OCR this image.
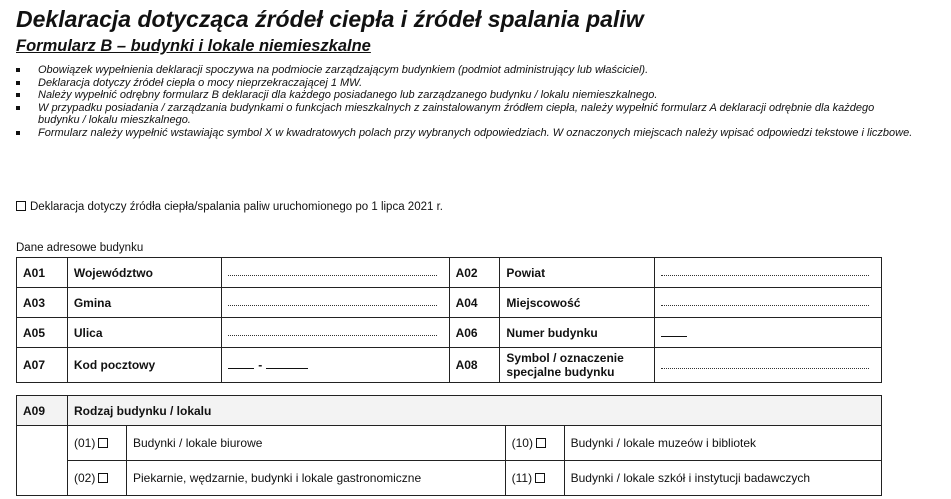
Deklaracja dotycząca źródeł ciepła i źródeł spalania paliw
Formularz B – budynki i lokale niemieszkalne
Obowiązek wypełnienia deklaracji spoczywa na podmiocie zarządzającym budynkiem (podmiot administrujący lub właściciel).
Deklaracja dotyczy źródeł ciepła o mocy nieprzekraczającej 1 MW.
Należy wypełnić odrębny formularz B deklaracji dla każdego posiadanego lub zarządzanego budynku / lokalu niemieszkalnego.
W przypadku posiadania / zarządzania budynkami o funkcjach mieszkalnych z zainstalowanym źródłem ciepła, należy wypełnić formularz A deklaracji odrębnie dla każdego budynku / lokalu mieszkalnego.
Formularz należy wypełnić wstawiając symbol X w kwadratowych polach przy wybranych odpowiedziach. W oznaczonych miejscach należy wpisać odpowiedzi tekstowe i liczbowe.
Deklaracja dotyczy źródła ciepła/spalania paliw uruchomionego po 1 lipca 2021 r.
Dane adresowe budynku
A01	Województwo		A02	Powiat	

A03	Gmina		A04	Miejscowość	

A05	Ulica		A06	Numer budynku	
A07	Kod pocztowy	-	A08	Symbol / oznaczenie specjalne budynku	
A09	Rodzaj budynku / lokalu			
	(01)	Budynki / lokale biurowe	(10)	Budynki / lokale muzeów i bibliotek
	(02)	Piekarnie, wędzarnie, budynki i lokale gastronomiczne	(11)	Budynki / lokale szkół i instytucji badawczych
